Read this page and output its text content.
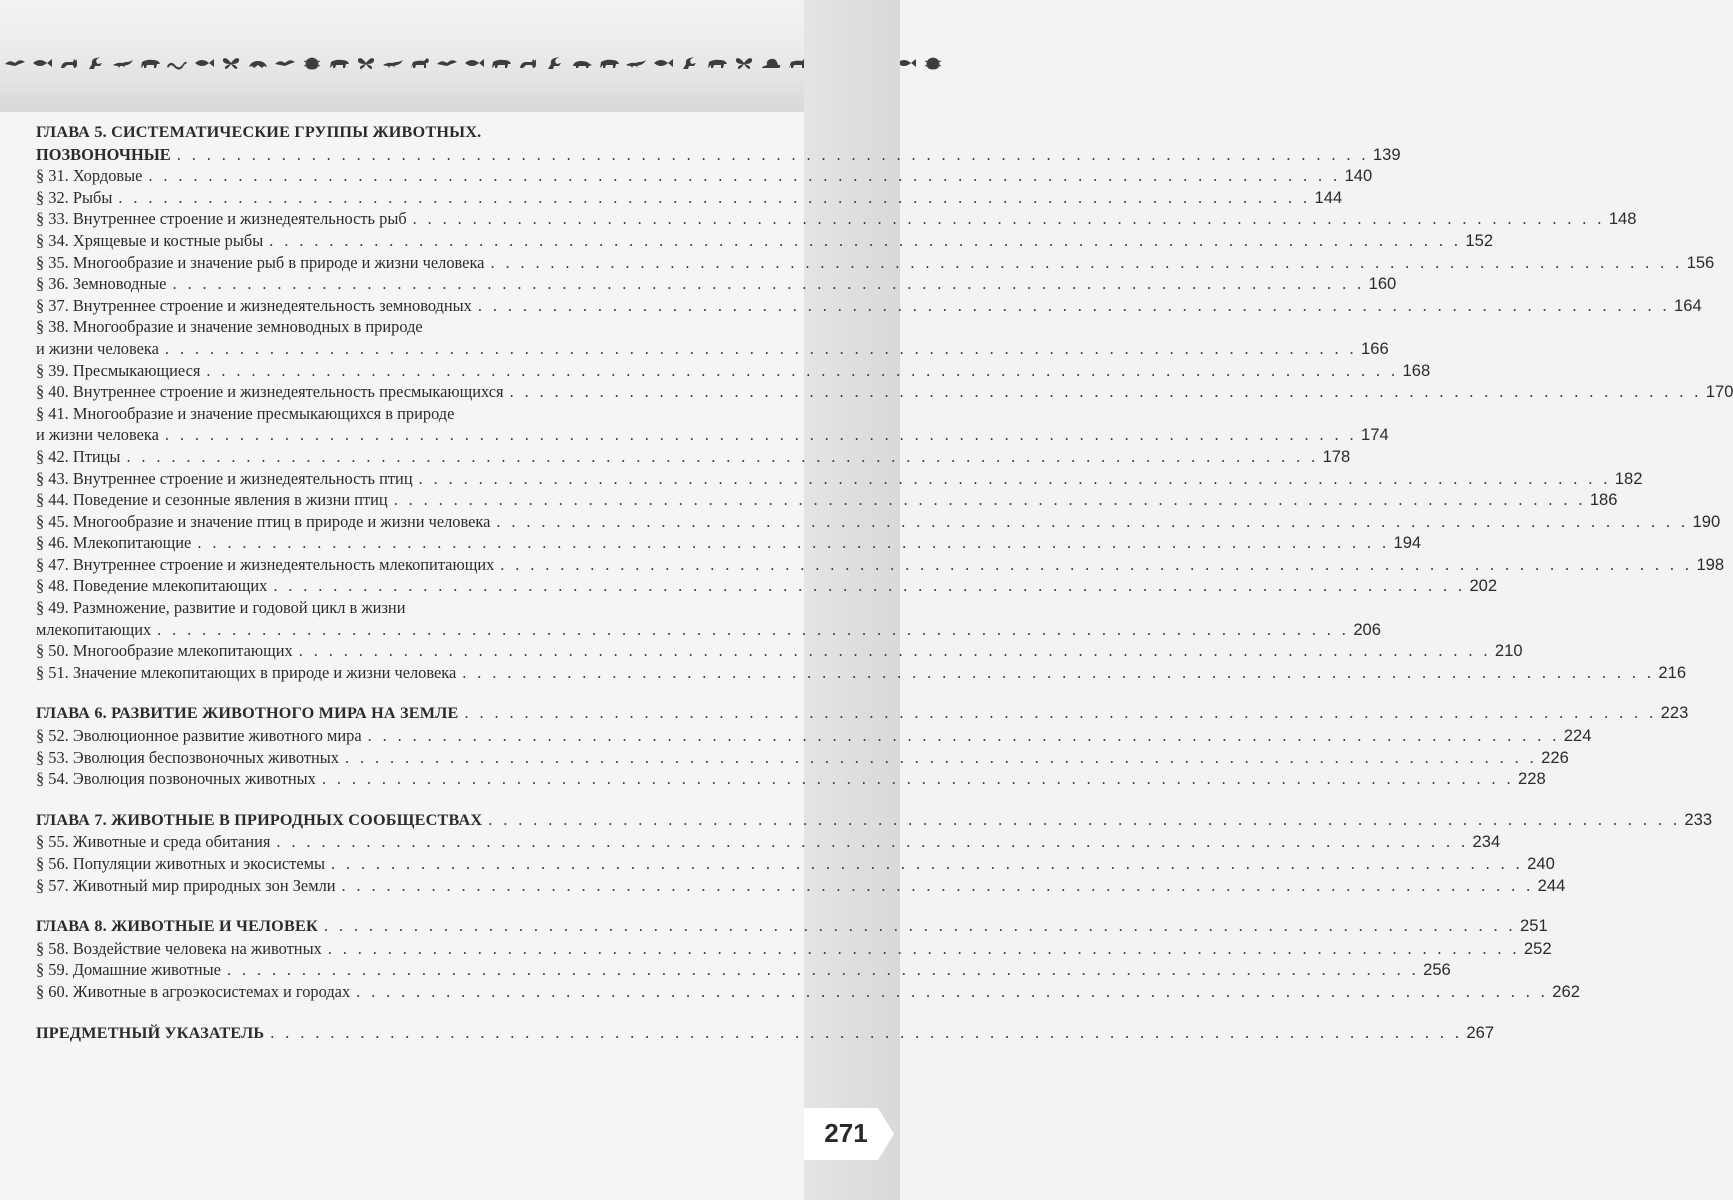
ГЛАВА 5. СИСТЕМАТИЧЕСКИЕ ГРУППЫ ЖИВОТНЫХ.
ПОЗВОНОЧНЫЕ . . . . . . . . . . . . . . . . . . . . . . . . . . . . . . . . . . . . . . . . . . . . . . . . . . . . . . . . . . . . . . . . . . . . . . . . . . . . . . . . 139
§ 31. Хордовые . . . . . . . . . . . . . . . . . . . . . . . . . . . . . . . . . . . . . . . . . . . . . . . . . . . . . . . . . . . . . . . . . . . . . . . . . . . . . . . . 140
§ 32. Рыбы . . . . . . . . . . . . . . . . . . . . . . . . . . . . . . . . . . . . . . . . . . . . . . . . . . . . . . . . . . . . . . . . . . . . . . . . . . . . . . . . 144
§ 33. Внутреннее строение и жизнедеятельность рыб . . . . . . . . . . . . . . . . . . . . . . . . . . . . . . . . . . . . . . . . . . . . . . . . . . . . . . . . . . . . . . . . . . . . . . . . . . . . . . . . 148
§ 34. Хрящевые и костные рыбы . . . . . . . . . . . . . . . . . . . . . . . . . . . . . . . . . . . . . . . . . . . . . . . . . . . . . . . . . . . . . . . . . . . . . . . . . . . . . . . . 152
§ 35. Многообразие и значение рыб в природе и жизни человека . . . . . . . . . . . . . . . . . . . . . . . . . . . . . . . . . . . . . . . . . . . . . . . . . . . . . . . . . . . . . . . . . . . . . . . . . . . . . . . . 156
§ 36. Земноводные . . . . . . . . . . . . . . . . . . . . . . . . . . . . . . . . . . . . . . . . . . . . . . . . . . . . . . . . . . . . . . . . . . . . . . . . . . . . . . . . 160
§ 37. Внутреннее строение и жизнедеятельность земноводных . . . . . . . . . . . . . . . . . . . . . . . . . . . . . . . . . . . . . . . . . . . . . . . . . . . . . . . . . . . . . . . . . . . . . . . . . . . . . . . . 164
§ 38. Многообразие и значение земноводных в природе
и жизни человека . . . . . . . . . . . . . . . . . . . . . . . . . . . . . . . . . . . . . . . . . . . . . . . . . . . . . . . . . . . . . . . . . . . . . . . . . . . . . . . . 166
§ 39. Пресмыкающиеся . . . . . . . . . . . . . . . . . . . . . . . . . . . . . . . . . . . . . . . . . . . . . . . . . . . . . . . . . . . . . . . . . . . . . . . . . . . . . . . . 168
§ 40. Внутреннее строение и жизнедеятельность пресмыкающихся . . . . . . . . . . . . . . . . . . . . . . . . . . . . . . . . . . . . . . . . . . . . . . . . . . . . . . . . . . . . . . . . . . . . . . . . . . . . . . . . 170
§ 41. Многообразие и значение пресмыкающихся в природе
и жизни человека . . . . . . . . . . . . . . . . . . . . . . . . . . . . . . . . . . . . . . . . . . . . . . . . . . . . . . . . . . . . . . . . . . . . . . . . . . . . . . . . 174
§ 42. Птицы . . . . . . . . . . . . . . . . . . . . . . . . . . . . . . . . . . . . . . . . . . . . . . . . . . . . . . . . . . . . . . . . . . . . . . . . . . . . . . . . 178
§ 43. Внутреннее строение и жизнедеятельность птиц . . . . . . . . . . . . . . . . . . . . . . . . . . . . . . . . . . . . . . . . . . . . . . . . . . . . . . . . . . . . . . . . . . . . . . . . . . . . . . . . 182
§ 44. Поведение и сезонные явления в жизни птиц . . . . . . . . . . . . . . . . . . . . . . . . . . . . . . . . . . . . . . . . . . . . . . . . . . . . . . . . . . . . . . . . . . . . . . . . . . . . . . . . 186
§ 45. Многообразие и значение птиц в природе и жизни человека . . . . . . . . . . . . . . . . . . . . . . . . . . . . . . . . . . . . . . . . . . . . . . . . . . . . . . . . . . . . . . . . . . . . . . . . . . . . . . . . 190
§ 46. Млекопитающие . . . . . . . . . . . . . . . . . . . . . . . . . . . . . . . . . . . . . . . . . . . . . . . . . . . . . . . . . . . . . . . . . . . . . . . . . . . . . . . . 194
§ 47. Внутреннее строение и жизнедеятельность млекопитающих . . . . . . . . . . . . . . . . . . . . . . . . . . . . . . . . . . . . . . . . . . . . . . . . . . . . . . . . . . . . . . . . . . . . . . . . . . . . . . . . 198
§ 48. Поведение млекопитающих . . . . . . . . . . . . . . . . . . . . . . . . . . . . . . . . . . . . . . . . . . . . . . . . . . . . . . . . . . . . . . . . . . . . . . . . . . . . . . . . 202
§ 49. Размножение, развитие и годовой цикл в жизни
млекопитающих . . . . . . . . . . . . . . . . . . . . . . . . . . . . . . . . . . . . . . . . . . . . . . . . . . . . . . . . . . . . . . . . . . . . . . . . . . . . . . . . 206
§ 50. Многообразие млекопитающих . . . . . . . . . . . . . . . . . . . . . . . . . . . . . . . . . . . . . . . . . . . . . . . . . . . . . . . . . . . . . . . . . . . . . . . . . . . . . . . . 210
§ 51. Значение млекопитающих в природе и жизни человека . . . . . . . . . . . . . . . . . . . . . . . . . . . . . . . . . . . . . . . . . . . . . . . . . . . . . . . . . . . . . . . . . . . . . . . . . . . . . . . . 216
ГЛАВА 6. РАЗВИТИЕ ЖИВОТНОГО МИРА НА ЗЕМЛЕ . . . . . . . . . . . . . . . . . . . . . . . . . . . . . . . . . . . . . . . . . . . . . . . . . . . . . . . . . . . . . . . . . . . . . . . . . . . . . . . . 223
§ 52. Эволюционное развитие животного мира . . . . . . . . . . . . . . . . . . . . . . . . . . . . . . . . . . . . . . . . . . . . . . . . . . . . . . . . . . . . . . . . . . . . . . . . . . . . . . . . 224
§ 53. Эволюция беспозвоночных животных . . . . . . . . . . . . . . . . . . . . . . . . . . . . . . . . . . . . . . . . . . . . . . . . . . . . . . . . . . . . . . . . . . . . . . . . . . . . . . . . 226
§ 54. Эволюция позвоночных животных . . . . . . . . . . . . . . . . . . . . . . . . . . . . . . . . . . . . . . . . . . . . . . . . . . . . . . . . . . . . . . . . . . . . . . . . . . . . . . . . 228
ГЛАВА 7. ЖИВОТНЫЕ В ПРИРОДНЫХ СООБЩЕСТВАХ . . . . . . . . . . . . . . . . . . . . . . . . . . . . . . . . . . . . . . . . . . . . . . . . . . . . . . . . . . . . . . . . . . . . . . . . . . . . . . . . 233
§ 55. Животные и среда обитания . . . . . . . . . . . . . . . . . . . . . . . . . . . . . . . . . . . . . . . . . . . . . . . . . . . . . . . . . . . . . . . . . . . . . . . . . . . . . . . . 234
§ 56. Популяции животных и экосистемы . . . . . . . . . . . . . . . . . . . . . . . . . . . . . . . . . . . . . . . . . . . . . . . . . . . . . . . . . . . . . . . . . . . . . . . . . . . . . . . . 240
§ 57. Животный мир природных зон Земли . . . . . . . . . . . . . . . . . . . . . . . . . . . . . . . . . . . . . . . . . . . . . . . . . . . . . . . . . . . . . . . . . . . . . . . . . . . . . . . . 244
ГЛАВА 8. ЖИВОТНЫЕ И ЧЕЛОВЕК . . . . . . . . . . . . . . . . . . . . . . . . . . . . . . . . . . . . . . . . . . . . . . . . . . . . . . . . . . . . . . . . . . . . . . . . . . . . . . . . 251
§ 58. Воздействие человека на животных . . . . . . . . . . . . . . . . . . . . . . . . . . . . . . . . . . . . . . . . . . . . . . . . . . . . . . . . . . . . . . . . . . . . . . . . . . . . . . . . 252
§ 59. Домашние животные . . . . . . . . . . . . . . . . . . . . . . . . . . . . . . . . . . . . . . . . . . . . . . . . . . . . . . . . . . . . . . . . . . . . . . . . . . . . . . . . 256
§ 60. Животные в агроэкосистемах и городах . . . . . . . . . . . . . . . . . . . . . . . . . . . . . . . . . . . . . . . . . . . . . . . . . . . . . . . . . . . . . . . . . . . . . . . . . . . . . . . . 262
ПРЕДМЕТНЫЙ УКАЗАТЕЛЬ . . . . . . . . . . . . . . . . . . . . . . . . . . . . . . . . . . . . . . . . . . . . . . . . . . . . . . . . . . . . . . . . . . . . . . . . . . . . . . . . 267
271
